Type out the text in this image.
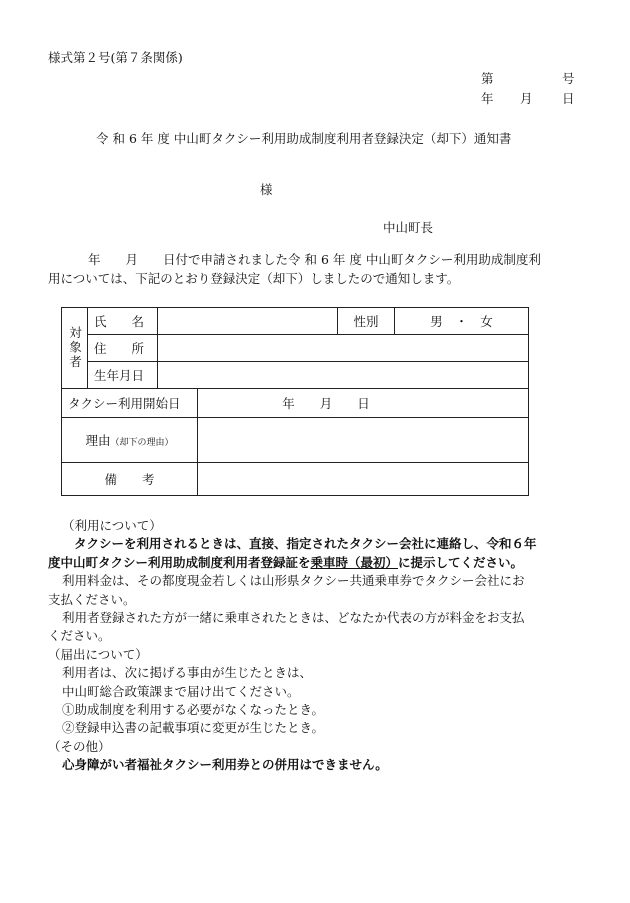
様式第２号(第７条関係)
第	号
年 月 日
令 和 6 年 度 中山町タクシー利用助成制度利用者登録決定（却下）通知書
様
中山町長
年　　月　　日付で申請されました令 和 6 年 度 中山町タクシー利用助成制度利
用については、下記のとおり登録決定（却下）しましたので通知します。
対象者	氏　　名			性別	男　・　女
	住　　所				
	生年月日				
タクシー利用開始日			年　　月　　日		
理由（却下の理由）					
備　　考					
（利用について）
タクシーを利用されるときは、直接、指定されたタクシー会社に連絡し、令和６年
度中山町タクシー利用助成制度利用者登録証を乗車時（最初）に提示してください。
利用料金は、その都度現金若しくは山形県タクシー共通乗車券でタクシー会社にお
支払ください。
利用者登録された方が一緒に乗車されたときは、どなたか代表の方が料金をお支払
ください。
（届出について）
利用者は、次に掲げる事由が生じたときは、
中山町総合政策課まで届け出てください。
①助成制度を利用する必要がなくなったとき。
②登録申込書の記載事項に変更が生じたとき。
（その他）
心身障がい者福祉タクシー利用券との併用はできません。
